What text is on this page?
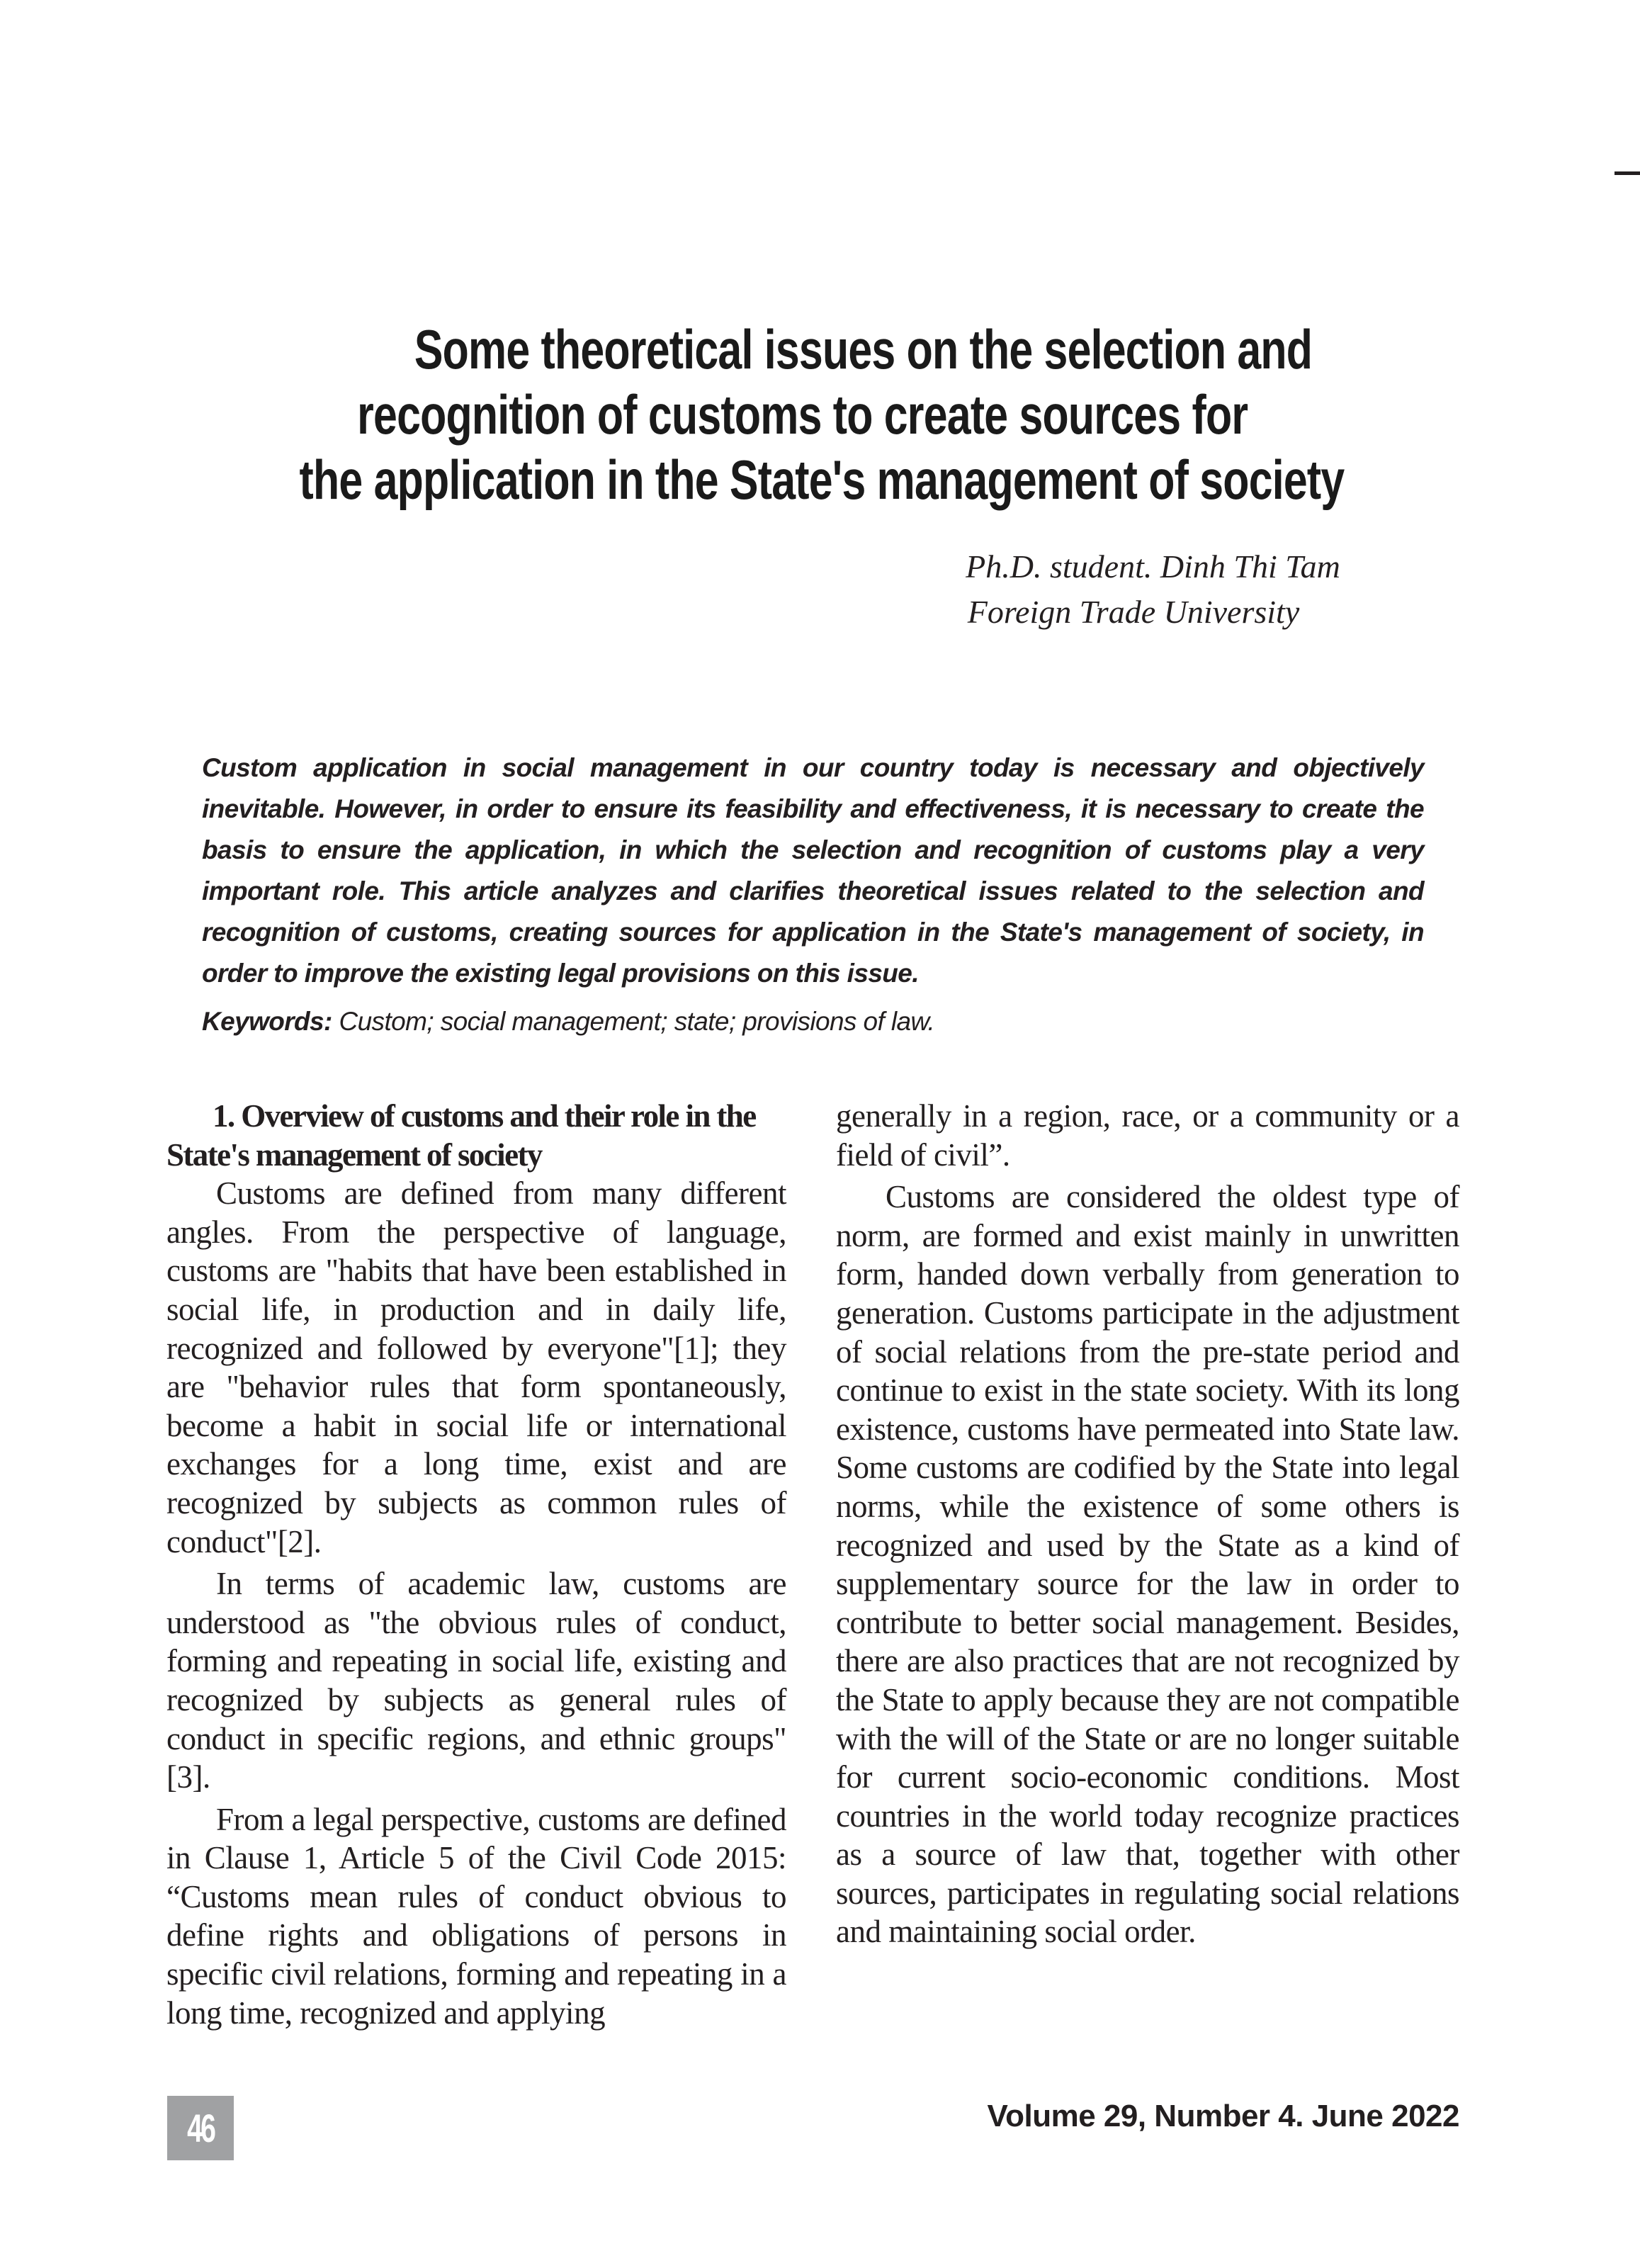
Some theoretical issues on the selection and
recognition of customs to create sources for
the application in the State's management of society
Ph.D. student. Dinh Thi Tam
Foreign Trade University
Custom application in social management in our country today is necessary and objectively inevitable. However, in order to ensure its feasibility and effectiveness, it is necessary to create the basis to ensure the application, in which the selection and recognition of customs play a very important role. This article analyzes and clarifies theoretical issues related to the selection and recognition of customs, creating sources for application in the State's management of society, in order to improve the existing legal provisions on this issue.
Keywords: Custom; social management; state; provisions of law.
1. Overview of customs and their role in the State's management of society

Customs are defined from many different angles. From the perspective of language, customs are "habits that have been established in social life, in production and in daily life, recognized and followed by everyone"[1]; they are "behavior rules that form spontaneously, become a habit in social life or international exchanges for a long time, exist and are recognized by subjects as common rules of conduct"[2].

In terms of academic law, customs are understood as "the obvious rules of conduct, forming and repeating in social life, existing and recognized by subjects as general rules of conduct in specific regions, and ethnic groups"[3].

From a legal perspective, customs are defined in Clause 1, Article 5 of the Civil Code 2015: “Customs mean rules of conduct obvious to define rights and obligations of persons in specific civil relations, forming and repeating in a long time, recognized and applying

generally in a region, race, or a community or a field of civil”.

Customs are considered the oldest type of norm, are formed and exist mainly in unwritten form, handed down verbally from generation to generation. Customs participate in the adjustment of social relations from the pre-state period and continue to exist in the state society. With its long existence, customs have permeated into State law. Some customs are codified by the State into legal norms, while the existence of some others is recognized and used by the State as a kind of supplementary source for the law in order to contribute to better social management. Besides, there are also practices that are not recognized by the State to apply because they are not compatible with the will of the State or are no longer suitable for current socio-economic conditions. Most countries in the world today recognize practices as a source of law that, together with other sources, participates in regulating social relations and maintaining social order.

46	Volume 29, Number 4. June 2022
